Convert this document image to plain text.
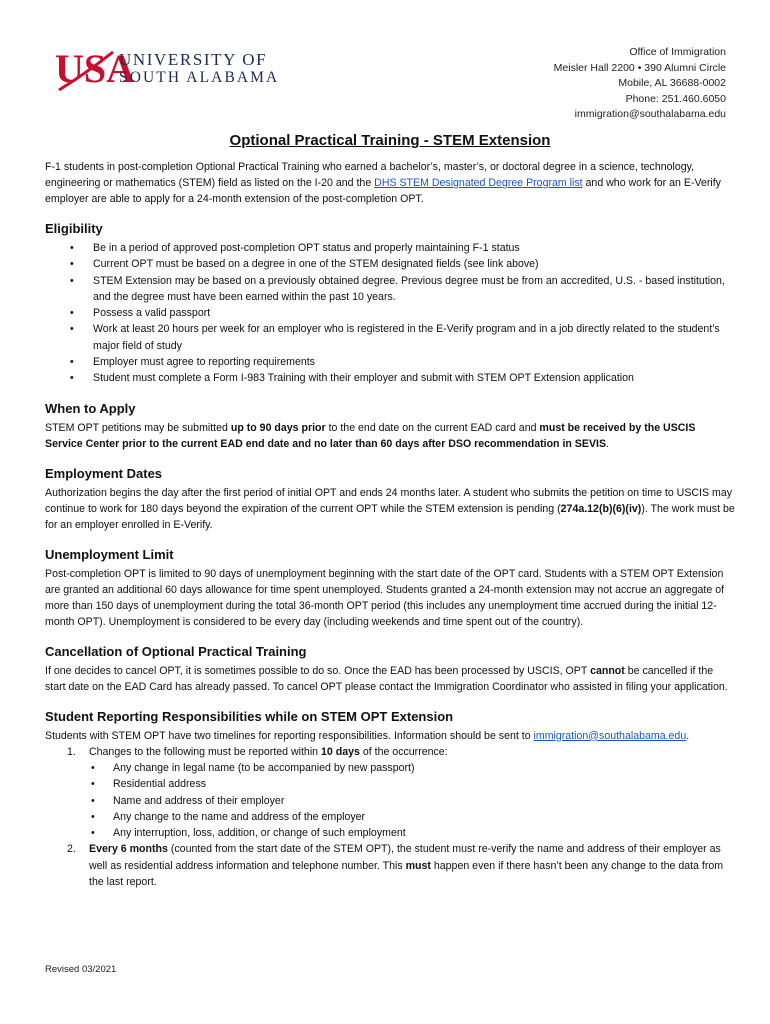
USA
UNIVERSITY OF
SOUTH ALABAMA
Office of Immigration
Meisler Hall 2200 • 390 Alumni Circle
Mobile, AL 36688-0002
Phone: 251.460.6050
immigration@southalabama.edu
Optional Practical Training - STEM Extension

F-1 students in post-completion Optional Practical Training who earned a bachelor’s, master’s, or doctoral degree in a science, technology, engineering or mathematics (STEM) field as listed on the I-20 and the DHS STEM Designated Degree Program list and who work for an E-Verify employer are able to apply for a 24-month extension of the post-completion OPT.

Eligibility
• Be in a period of approved post-completion OPT status and properly maintaining F-1 status
• Current OPT must be based on a degree in one of the STEM designated fields (see link above)
• STEM Extension may be based on a previously obtained degree. Previous degree must be from an accredited, U.S. - based institution, and the degree must have been earned within the past 10 years.
• Possess a valid passport
• Work at least 20 hours per week for an employer who is registered in the E-Verify program and in a job directly related to the student’s major field of study
• Employer must agree to reporting requirements
• Student must complete a Form I-983 Training with their employer and submit with STEM OPT Extension application
When to Apply

STEM OPT petitions may be submitted up to 90 days prior to the end date on the current EAD card and must be received by the USCIS Service Center prior to the current EAD end date and no later than 60 days after DSO recommendation in SEVIS.

Employment Dates

Authorization begins the day after the first period of initial OPT and ends 24 months later. A student who submits the petition on time to USCIS may continue to work for 180 days beyond the expiration of the current OPT while the STEM extension is pending (274a.12(b)(6)(iv)). The work must be for an employer enrolled in E-Verify.

Unemployment Limit

Post-completion OPT is limited to 90 days of unemployment beginning with the start date of the OPT card. Students with a STEM OPT Extension are granted an additional 60 days allowance for time spent unemployed. Students granted a 24-month extension may not accrue an aggregate of more than 150 days of unemployment during the total 36-month OPT period (this includes any unemployment time accrued during the initial 12-month OPT). Unemployment is considered to be every day (including weekends and time spent out of the country).

Cancellation of Optional Practical Training

If one decides to cancel OPT, it is sometimes possible to do so. Once the EAD has been processed by USCIS, OPT cannot be cancelled if the start date on the EAD Card has already passed. To cancel OPT please contact the Immigration Coordinator who assisted in filing your application.

Student Reporting Responsibilities while on STEM OPT Extension

Students with STEM OPT have two timelines for reporting responsibilities. Information should be sent to immigration@southalabama.edu.

1. Changes to the following must be reported within 10 days of the occurrence:
• Any change in legal name (to be accompanied by new passport)
• Residential address
• Name and address of their employer
• Any change to the name and address of the employer
• Any interruption, loss, addition, or change of such employment
2. Every 6 months (counted from the start date of the STEM OPT), the student must re-verify the name and address of their employer as well as residential address information and telephone number. This must happen even if there hasn’t been any change to the data from the last report.
Revised 03/2021
